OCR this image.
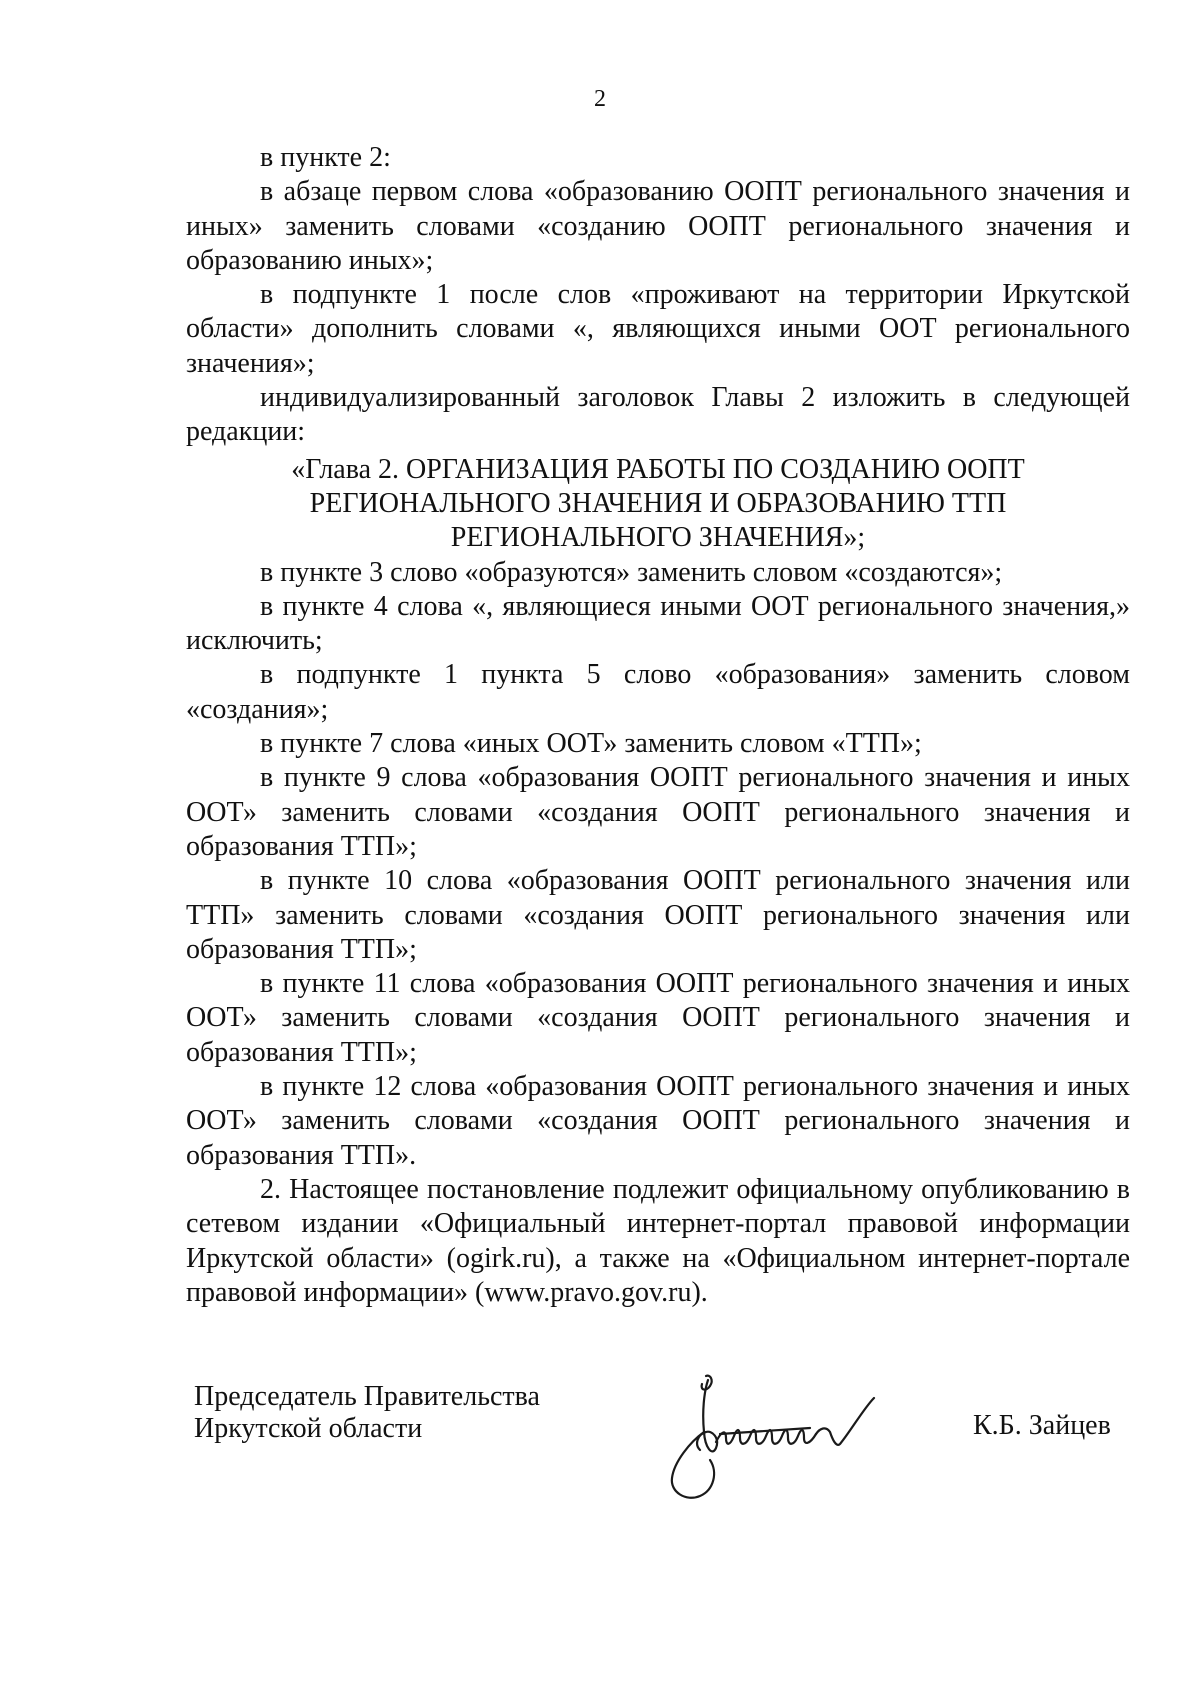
2

в пункте 2:

в абзаце первом слова «образованию ООПТ регионального значения и иных» заменить словами «созданию ООПТ регионального значения и образованию иных»;

в подпункте 1 после слов «проживают на территории Иркутской области» дополнить словами «, являющихся иными ООТ регионального значения»;

индивидуализированный заголовок Главы 2 изложить в следующей редакции:

«Глава 2. ОРГАНИЗАЦИЯ РАБОТЫ ПО СОЗДАНИЮ ООПТ РЕГИОНАЛЬНОГО ЗНАЧЕНИЯ И ОБРАЗОВАНИЮ ТТП РЕГИОНАЛЬНОГО ЗНАЧЕНИЯ»;

в пункте 3 слово «образуются» заменить словом «создаются»;

в пункте 4 слова «, являющиеся иными ООТ регионального значения,» исключить;

в подпункте 1 пункта 5 слово «образования» заменить словом «создания»;

в пункте 7 слова «иных ООТ» заменить словом «ТТП»;

в пункте 9 слова «образования ООПТ регионального значения и иных ООТ» заменить словами «создания ООПТ регионального значения и образования ТТП»;

в пункте 10 слова «образования ООПТ регионального значения или ТТП» заменить словами «создания ООПТ регионального значения или образования ТТП»;

в пункте 11 слова «образования ООПТ регионального значения и иных ООТ» заменить словами «создания ООПТ регионального значения и образования ТТП»;

в пункте 12 слова «образования ООПТ регионального значения и иных ООТ» заменить словами «создания ООПТ регионального значения и образования ТТП».

2. Настоящее постановление подлежит официальному опубликованию в сетевом издании «Официальный интернет-портал правовой информации Иркутской области» (ogirk.ru), а также на «Официальном интернет-портале правовой информации» (www.pravo.gov.ru).

Председатель Правительства
Иркутской области	К.Б. Зайцев
